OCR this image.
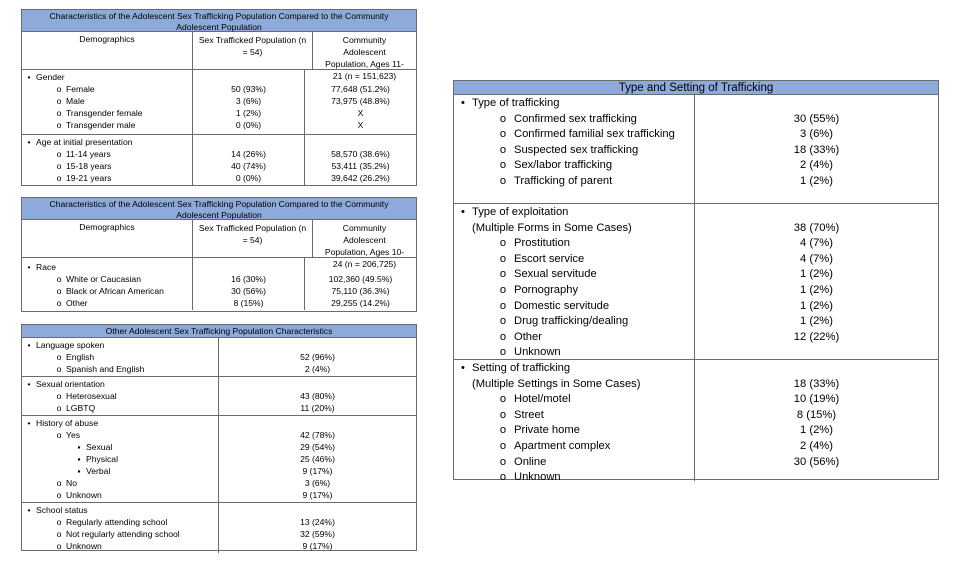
Characteristics of the Adolescent Sex Trafficking Population Compared to the Community Adolescent Population
Demographics	Sex Trafficked Population (n = 54)
Community Adolescent Population, Ages 11-21 (n = 151,623)
• Gender
o Female
o Male
o Transgender female
o Transgender male
50 (93%)
3 (6%)
1 (2%)
0 (0%)
77,648 (51.2%)
73,975 (48.8%)
X
X
• Age at initial presentation
o 11-14 years
o 15-18 years
o 19-21 years
14 (26%)
40 (74%)
0 (0%)
58,570 (38.6%)
53,411 (35.2%)
39,642 (26.2%)
Characteristics of the Adolescent Sex Trafficking Population Compared to the Community Adolescent Population
Demographics	Sex Trafficked Population (n = 54)
Community Adolescent Population, Ages 10-24 (n = 206,725)
• Race
o White or Caucasian
o Black or African American
o Other
16 (30%)
30 (56%)
8 (15%)
102,360 (49.5%)
75,110 (36.3%)
29,255 (14.2%)
Other Adolescent Sex Trafficking Population Characteristics
• Language spoken
o English
o Spanish and English
52 (96%)
2 (4%)
• Sexual orientation
o Heterosexual
o LGBTQ
43 (80%)
11 (20%)
• History of abuse
o Yes
▪ Sexual
▪ Physical
▪ Verbal
o No
o Unknown
42 (78%)
29 (54%)
25 (46%)
9 (17%)
3 (6%)
9 (17%)
• School status
o Regularly attending school
o Not regularly attending school
o Unknown
13 (24%)
32 (59%)
9 (17%)
Type and Setting of Trafficking
• Type of trafficking
o Confirmed sex trafficking
o Confirmed familial sex trafficking
o Suspected sex trafficking
o Sex/labor trafficking
o Trafficking of parent
30 (55%)
3 (6%)
18 (33%)
2 (4%)
1 (2%)
• Type of exploitation
(Multiple Forms in Some Cases)
o Prostitution
o Escort service
o Sexual servitude
o Pornography
o Domestic servitude
o Drug trafficking/dealing
o Other
o Unknown
38 (70%)
4 (7%)
4 (7%)
1 (2%)
1 (2%)
1 (2%)
1 (2%)
12 (22%)
• Setting of trafficking
(Multiple Settings in Some Cases)
o Hotel/motel
o Street
o Private home
o Apartment complex
o Online
o Unknown
18 (33%)
10 (19%)
8 (15%)
1 (2%)
2 (4%)
30 (56%)
